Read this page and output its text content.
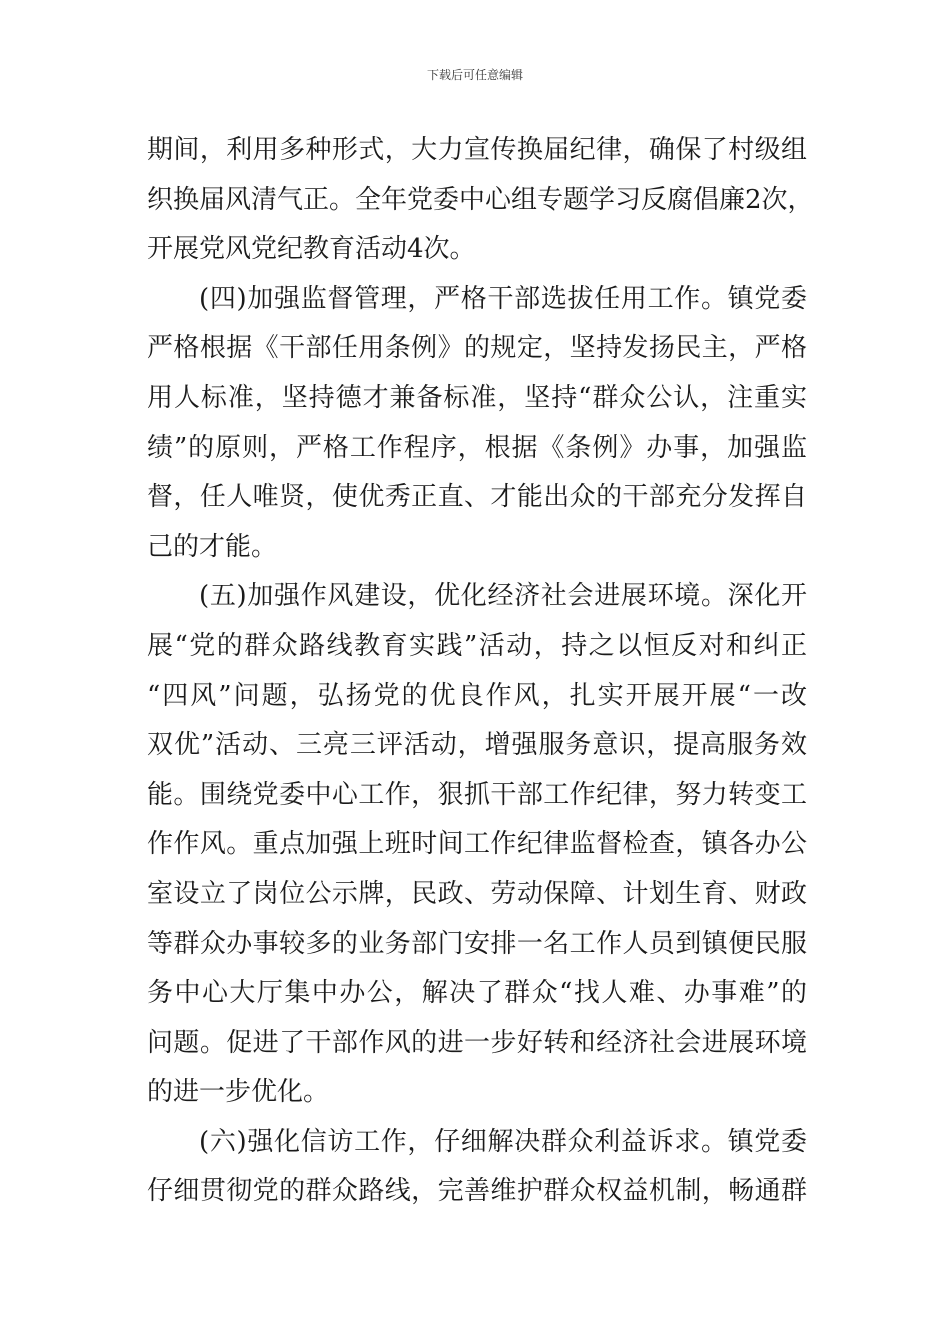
下载后可任意编辑
期间，利用多种形式，大力宣传换届纪律，确保了村级组
织换届风清气正。全年党委中心组专题学习反腐倡廉2次，
开展党风党纪教育活动4次。
(四)加强监督管理，严格干部选拔任用工作。镇党委
严格根据《干部任用条例》的规定，坚持发扬民主，严格
用人标准，坚持德才兼备标准，坚持“群众公认，注重实
绩”的原则，严格工作程序，根据《条例》办事，加强监
督，任人唯贤，使优秀正直、才能出众的干部充分发挥自
己的才能。
(五)加强作风建设，优化经济社会进展环境。深化开
展“党的群众路线教育实践”活动，持之以恒反对和纠正
“四风”问题，弘扬党的优良作风，扎实开展开展“一改
双优”活动、三亮三评活动，增强服务意识，提高服务效
能。围绕党委中心工作，狠抓干部工作纪律，努力转变工
作作风。重点加强上班时间工作纪律监督检查，镇各办公
室设立了岗位公示牌，民政、劳动保障、计划生育、财政
等群众办事较多的业务部门安排一名工作人员到镇便民服
务中心大厅集中办公，解决了群众“找人难、办事难”的
问题。促进了干部作风的进一步好转和经济社会进展环境
的进一步优化。
(六)强化信访工作，仔细解决群众利益诉求。镇党委
仔细贯彻党的群众路线，完善维护群众权益机制，畅通群
